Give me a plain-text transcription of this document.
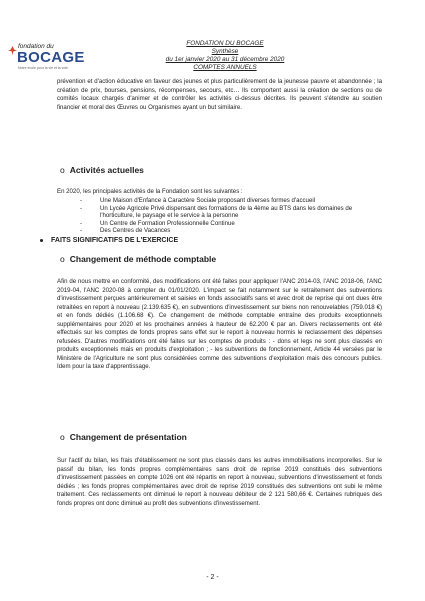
fondation du
BOCAGE
Notre école pour la vie et la voie
FONDATION DU BOCAGE
Synthèse
du 1er janvier 2020 au 31 décembre 2020
COMPTES ANNUELS
prévention et d'action éducative en faveur des jeunes et plus particulièrement de la jeunesse pauvre et abandonnée ; la création de prix, bourses, pensions, récompenses, secours, etc… Ils comportent aussi la création de sections ou de comités locaux chargés d'animer et de contrôler les activités ci-dessus décrites. Ils peuvent s'étendre au soutien financier et moral des Œuvres ou Organismes ayant un but similaire.
o Activités actuelles
En 2020, les principales activités de la Fondation sont les suivantes :
-	Une Maison d'Enfance à Caractère Sociale proposant diverses formes d'accueil
-	Un Lycée Agricole Privé dispensant des formations de la 4ème au BTS dans les domaines de l'horticulture, le paysage et le service à la personne
-	Un Centre de Formation Professionnelle Continue
-	Des Centres de Vacances
FAITS SIGNIFICATIFS DE L'EXERCICE
o Changement de méthode comptable
Afin de nous mettre en conformité, des modifications ont été faites pour appliquer l'ANC 2014-03, l'ANC 2018-06, l'ANC 2019-04, l'ANC 2020-08 à compter du 01/01/2020. L'impact se fait notamment sur le retraitement des subventions d'investissement perçues antérieurement et saisies en fonds associatifs sans et avec droit de reprise qui ont dues être retraitées en report à nouveau (2.139.635 €), en subventions d'investissement sur biens non renouvelables (759.018 €) et en fonds dédiés (1.106.68 €). Ce changement de méthode comptable entraîne des produits exceptionnels supplémentaires pour 2020 et les prochaines années à hauteur de 62.200 € par an. Divers reclassements ont été effectués sur les comptes de fonds propres sans effet sur le report à nouveau hormis le reclassement des dépenses refusées. D'autres modifications ont été faites sur les comptes de produits : - dons et legs ne sont plus classés en produits exceptionnels mais en produits d'exploitation ; - les subventions de fonctionnement, Article 44 versées par le Ministère de l'Agriculture ne sont plus considérées comme des subventions d'exploitation mais des concours publics. Idem pour la taxe d'apprentissage.
o Changement de présentation
Sur l'actif du bilan, les frais d'établissement ne sont plus classés dans les autres immobilisations incorporelles. Sur le passif du bilan, les fonds propres complémentaires sans droit de reprise 2019 constitués des subventions d'investissement passées en compte 1026 ont été répartis en report à nouveau, subventions d'investissement et fonds dédiés ; les fonds propres complémentaires avec droit de reprise 2019 constitués des subventions ont subi le même traitement. Ces reclassements ont diminué le report à nouveau débiteur de 2 121 580,66 €. Certaines rubriques des fonds propres ont donc diminué au profit des subventions d'investissement.
- 2 -
